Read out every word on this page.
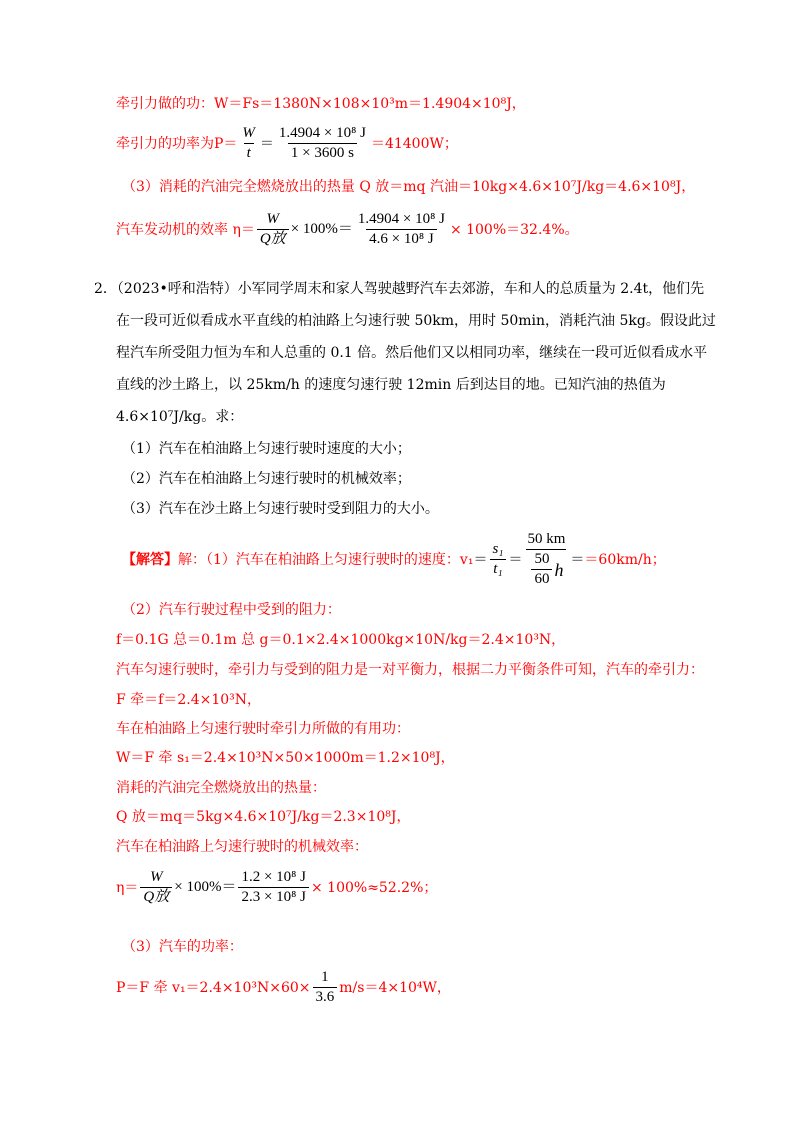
牵引力做的功：W＝Fs＝1380N×108×10³m＝1.4904×10⁸J，
牵引力的功率为$P= \frac{W}{t} = \frac{\text{1.4904 × 10⁸ J}}{1 \times 3600 s} =41400W$；
（3）消耗的汽油完全燃烧放出的热量 Q 放＝mq 汽油＝10kg×4.6×10⁷J/kg＝4.6×10⁸J，
汽车发动机的效率 $\eta= \frac{W}{\text{Q放}} \times 100\%= \frac{\text{1.4904 × 10⁸ J}}{\text{4.6 × 10⁸ J}} \times 100\%=32.4\%$。
2．（2023•呼和浩特）小军同学周末和家人驾驶越野汽车去郊游，车和人的总质量为 2.4t，他们先
在一段可近似看成水平直线的柏油路上匀速行驶 50km，用时 50min，消耗汽油 5kg。假设此过
程汽车所受阻力恒为车和人总重的 0.1 倍。然后他们又以相同功率，继续在一段可近似看成水平
直线的沙土路上，以 25km/h 的速度匀速行驶 12min 后到达目的地。已知汽油的热值为
4.6×10⁷J/kg。求：
（1）汽车在柏油路上匀速行驶时速度的大小；
（2）汽车在柏油路上匀速行驶时的机械效率；
（3）汽车在沙土路上匀速行驶时受到阻力的大小。
【解答】 解：（1）汽车在柏油路上匀速行驶时的速度：$v_1 = \frac{\text{s₁}}{\text{t₁}} = \frac{50 km}{\frac{50}{60} h} = =60km/h$；
（2）汽车行驶过程中受到的阻力：
f＝0.1G 总＝0.1m 总 g＝0.1×2.4×1000kg×10N/kg＝2.4×10³N，
汽车匀速行驶时，牵引力与受到的阻力是一对平衡力，根据二力平衡条件可知，汽车的牵引力：
F 牵＝f＝2.4×10³N，
车在柏油路上匀速行驶时牵引力所做的有用功：
W＝F 牵 s₁＝2.4×10³N×50×1000m＝1.2×10⁸J，
消耗的汽油完全燃烧放出的热量：
Q 放＝mq＝5kg×4.6×10⁷J/kg＝2.3×10⁸J，
汽车在柏油路上匀速行驶时的机械效率：
$\eta= \frac{W}{\text{Q放}} \times 100\%= \frac{\text{1.2 × 10⁸ J}}{\text{2.3 × 10⁸ J}} \times 100\%\approx 52.2\%$；
（3）汽车的功率：
P＝F 牵 $v_1=2.4\times 10^3N\times 60\times \frac{1}{3.6} m/s=4\times 10^4W$，
